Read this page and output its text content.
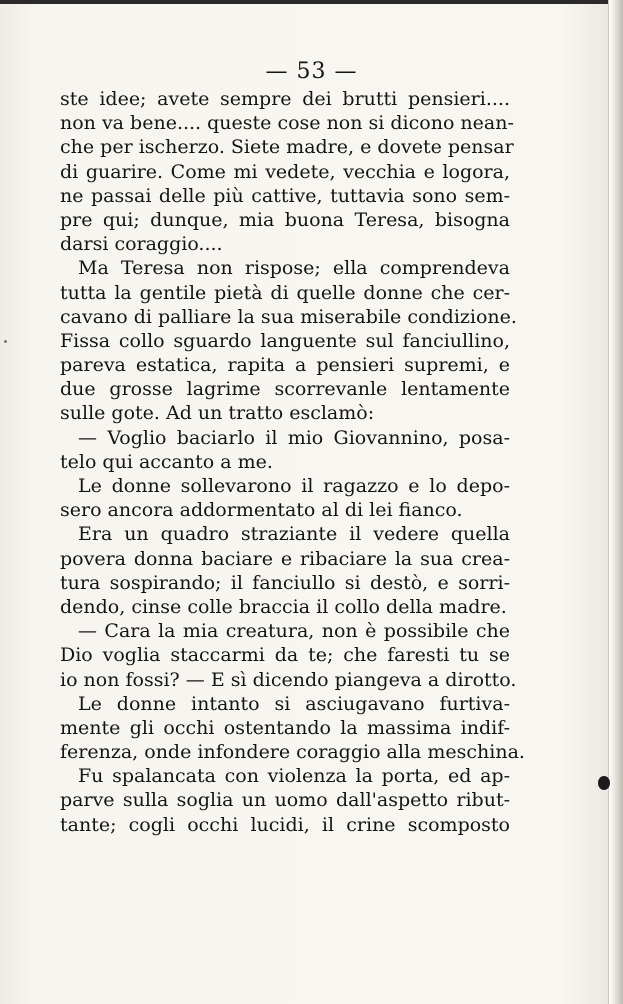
— 53 —
ste idee; avete sempre dei brutti pensieri....
non va bene.... queste cose non si dicono nean-
che per ischerzo. Siete madre, e dovete pensar
di guarire. Come mi vedete, vecchia e logora,
ne passai delle più cattive, tuttavia sono sem-
pre qui; dunque, mia buona Teresa, bisogna
darsi coraggio....
Ma Teresa non rispose; ella comprendeva
tutta la gentile pietà di quelle donne che cer-
cavano di palliare la sua miserabile condizione.
Fissa collo sguardo languente sul fanciullino,
pareva estatica, rapita a pensieri supremi, e
due grosse lagrime scorrevanle lentamente
sulle gote. Ad un tratto esclamò:
— Voglio baciarlo il mio Giovannino, posa-
telo qui accanto a me.
Le donne sollevarono il ragazzo e lo depo-
sero ancora addormentato al di lei fianco.
Era un quadro straziante il vedere quella
povera donna baciare e ribaciare la sua crea-
tura sospirando; il fanciullo si destò, e sorri-
dendo, cinse colle braccia il collo della madre.
— Cara la mia creatura, non è possibile che
Dio voglia staccarmi da te; che faresti tu se
io non fossi? — E sì dicendo piangeva a dirotto.
Le donne intanto si asciugavano furtiva-
mente gli occhi ostentando la massima indif-
ferenza, onde infondere coraggio alla meschina.
Fu spalancata con violenza la porta, ed ap-
parve sulla soglia un uomo dall'aspetto ribut-
tante; cogli occhi lucidi, il crine scomposto
